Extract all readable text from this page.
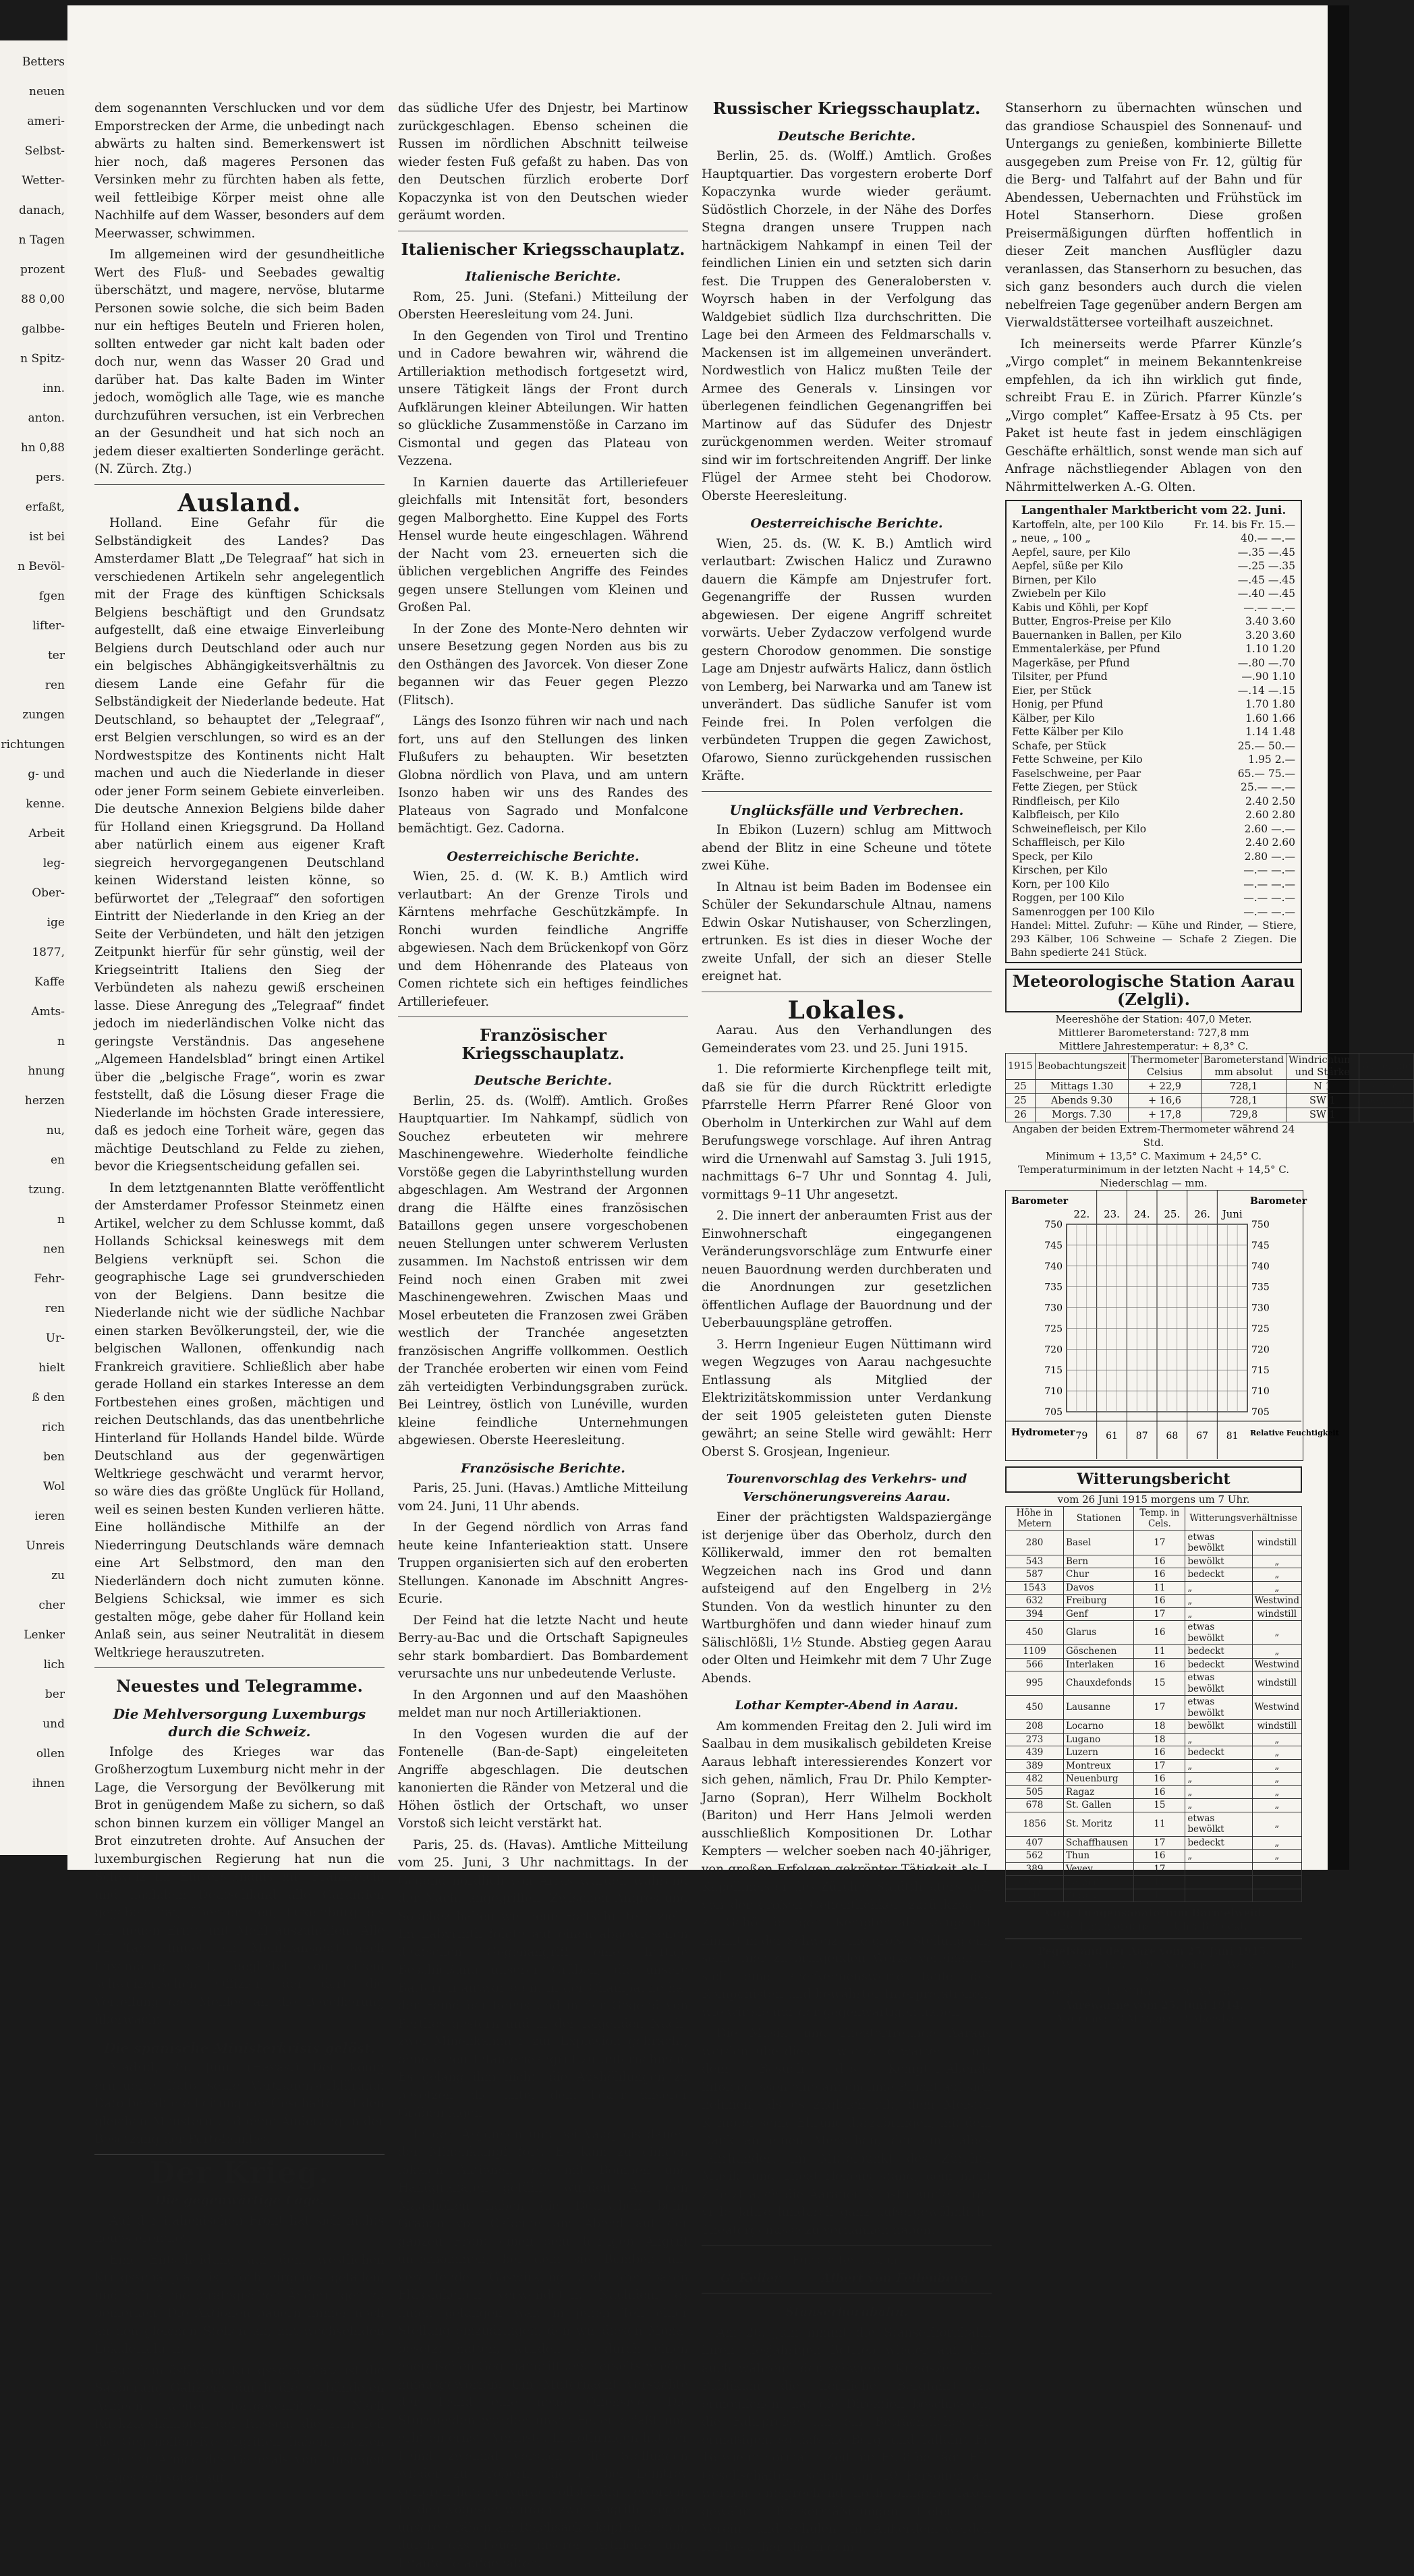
Betters
neuen
ameri-
Selbst-
Wetter-
danach,
n Tagen
prozent
88 0,00
galbbe-
n Spitz-
inn.
anton.
hn 0,88
pers.
erfaßt,
ist bei
n Bevöl-
fgen
lifter-
ter
ren
zungen
richtungen
g- und
kenne.
Arbeit
leg-
Ober-
ige
1877,
Kaffe
Amts-
n
hnung
herzen
nu,
en
tzung.
n
nen
Fehr-
ren
Ur-
hielt
ß den
rich
ben
Wol
ieren
Unreis
zu
cher
Lenker
lich
ber
und
ollen
ihnen

dem sogenannten Verschlucken und vor dem Emporstrecken der Arme, die unbedingt nach abwärts zu halten sind. Bemerkenswert ist hier noch, daß mageres Personen das Versinken mehr zu fürchten haben als fette, weil fettleibige Körper meist ohne alle Nachhilfe auf dem Wasser, besonders auf dem Meerwasser, schwimmen.

Im allgemeinen wird der gesundheitliche Wert des Fluß- und Seebades gewaltig überschätzt, und magere, nervöse, blutarme Personen sowie solche, die sich beim Baden nur ein heftiges Beuteln und Frieren holen, sollten entweder gar nicht kalt baden oder doch nur, wenn das Wasser 20 Grad und darüber hat. Das kalte Baden im Winter jedoch, womöglich alle Tage, wie es manche durchzuführen versuchen, ist ein Verbrechen an der Gesundheit und hat sich noch an jedem dieser exaltierten Sonderlinge gerächt. (N. Zürch. Ztg.)

Ausland.

Holland. Eine Gefahr für die Selbständigkeit des Landes? Das Amsterdamer Blatt „De Telegraaf“ hat sich in verschiedenen Artikeln sehr angelegentlich mit der Frage des künftigen Schicksals Belgiens beschäftigt und den Grundsatz aufgestellt, daß eine etwaige Einverleibung Belgiens durch Deutschland oder auch nur ein belgisches Abhängigkeitsverhältnis zu diesem Lande eine Gefahr für die Selbständigkeit der Niederlande bedeute. Hat Deutschland, so behauptet der „Telegraaf“, erst Belgien verschlungen, so wird es an der Nordwestspitze des Kontinents nicht Halt machen und auch die Niederlande in dieser oder jener Form seinem Gebiete einverleiben. Die deutsche Annexion Belgiens bilde daher für Holland einen Kriegsgrund. Da Holland aber natürlich einem aus eigener Kraft siegreich hervorgegangenen Deutschland keinen Widerstand leisten könne, so befürwortet der „Telegraaf“ den sofortigen Eintritt der Niederlande in den Krieg an der Seite der Verbündeten, und hält den jetzigen Zeitpunkt hierfür für sehr günstig, weil der Kriegseintritt Italiens den Sieg der Verbündeten als nahezu gewiß erscheinen lasse. Diese Anregung des „Telegraaf“ findet jedoch im niederländischen Volke nicht das geringste Verständnis. Das angesehene „Algemeen Handelsblad“ bringt einen Artikel über die „belgische Frage“, worin es zwar feststellt, daß die Lösung dieser Frage die Niederlande im höchsten Grade interessiere, daß es jedoch eine Torheit wäre, gegen das mächtige Deutschland zu Felde zu ziehen, bevor die Kriegsentscheidung gefallen sei.

In dem letztgenannten Blatte veröffentlicht der Amsterdamer Professor Steinmetz einen Artikel, welcher zu dem Schlusse kommt, daß Hollands Schicksal keineswegs mit dem Belgiens verknüpft sei. Schon die geographische Lage sei grundverschieden von der Belgiens. Dann besitze die Niederlande nicht wie der südliche Nachbar einen starken Bevölkerungsteil, der, wie die belgischen Wallonen, offenkundig nach Frankreich gravitiere. Schließlich aber habe gerade Holland ein starkes Interesse an dem Fortbestehen eines großen, mächtigen und reichen Deutschlands, das das unentbehrliche Hinterland für Hollands Handel bilde. Würde Deutschland aus der gegenwärtigen Weltkriege geschwächt und verarmt hervor, so wäre dies das größte Unglück für Holland, weil es seinen besten Kunden verlieren hätte. Eine holländische Mithilfe an der Niederringung Deutschlands wäre demnach eine Art Selbstmord, den man den Niederländern doch nicht zumuten könne. Belgiens Schicksal, wie immer es sich gestalten möge, gebe daher für Holland kein Anlaß sein, aus seiner Neutralität in diesem Weltkriege herauszutreten.

Neuestes und Telegramme.
Die Mehlversorgung Luxemburgs durch die Schweiz.

Infolge des Krieges war das Großherzogtum Luxemburg nicht mehr in der Lage, die Versorgung der Bevölkerung mit Brot in genügendem Maße zu sichern, so daß schon binnen kurzem ein völliger Mangel an Brot einzutreten drohte. Auf Ansuchen der luxemburgischen Regierung hat nun die Schweiz im Einverständnis mit Frankreich, und nachdem Deutschland alle Garantien gegeben hat, übernommen, Luxemburg bis zur neuen Ernte mit Mehl auszuhelfen. Alle 14 Tage findet ein Mehltransport nach Luxemburg statt, begleitet von einem schweizerischen Offizier, der dort die Verteilung des Mehles an die Bevölkerung überwacht.

Die spanische Ministerkrisis gelöst.

Madrid, 25. Juni. (Havas.) Der König erneuerte Dato seine Vertrauenserklärung. Dato behält die Leitung der Geschäfte mit den gleichen Ministern und ohne Änderung in der Besetzung der Portefeuilles.

Der Krieg.
Die gegenwärtige Lage.

Auf der italienischen Front hat sich nichts neues ereignet.

Eine Entscheidung auf dem westlichen Kriegsschauplatz ist noch nirgends gefallen, und sich keine strategischen Änderungen zu bemerken. Die Aktionen bauern immer noch an den gleichen Stellen an, mit wechselnden Lokalerfolgen.

Auf dem östlichen Kriegsschauplatz ist die Säuberung Galiziens durch die verbündeten Armeen weiter fortgeschritten. Nach Rückzugskämpfen der Russen, die zum Teil die Gegenoffensive ergriffen haben, setzten Teile der Armee des Generals von Linsingen vorgestern sogar auf

das südliche Ufer des Dnjestr, bei Martinow zurückgeschlagen. Ebenso scheinen die Russen im nördlichen Abschnitt teilweise wieder festen Fuß gefaßt zu haben. Das von den Deutschen fürzlich eroberte Dorf Kopaczynka ist von den Deutschen wieder geräumt worden.

Italienischer Kriegsschauplatz.
Italienische Berichte.

Rom, 25. Juni. (Stefani.) Mitteilung der Obersten Heeresleitung vom 24. Juni.

In den Gegenden von Tirol und Trentino und in Cadore bewahren wir, während die Artilleriaktion methodisch fortgesetzt wird, unsere Tätigkeit längs der Front durch Aufklärungen kleiner Abteilungen. Wir hatten so glückliche Zusammenstöße in Carzano im Cismontal und gegen das Plateau von Vezzena.

In Karnien dauerte das Artilleriefeuer gleichfalls mit Intensität fort, besonders gegen Malborghetto. Eine Kuppel des Forts Hensel wurde heute eingeschlagen. Während der Nacht vom 23. erneuerten sich die üblichen vergeblichen Angriffe des Feindes gegen unsere Stellungen vom Kleinen und Großen Pal.

In der Zone des Monte-Nero dehnten wir unsere Besetzung gegen Norden aus bis zu den Osthängen des Javorcek. Von dieser Zone begannen wir das Feuer gegen Plezzo (Flitsch).

Längs des Isonzo führen wir nach und nach fort, uns auf den Stellungen des linken Flußufers zu behaupten. Wir besetzten Globna nördlich von Plava, und am untern Isonzo haben wir uns des Randes des Plateaus von Sagrado und Monfalcone bemächtigt. Gez. Cadorna.

Oesterreichische Berichte.

Wien, 25. d. (W. K. B.) Amtlich wird verlautbart: An der Grenze Tirols und Kärntens mehrfache Geschützkämpfe. In Ronchi wurden feindliche Angriffe abgewiesen. Nach dem Brückenkopf von Görz und dem Höhenrande des Plateaus von Comen richtete sich ein heftiges feindliches Artilleriefeuer.

Französischer Kriegsschauplatz.
Deutsche Berichte.

Berlin, 25. ds. (Wolff). Amtlich. Großes Hauptquartier. Im Nahkampf, südlich von Souchez erbeuteten wir mehrere Maschinengewehre. Wiederholte feindliche Vorstöße gegen die Labyrinthstellung wurden abgeschlagen. Am Westrand der Argonnen drang die Hälfte eines französischen Bataillons gegen unsere vorgeschobenen neuen Stellungen unter schwerem Verlusten zusammen. Im Nachstoß entrissen wir dem Feind noch einen Graben mit zwei Maschinengewehren. Zwischen Maas und Mosel erbeuteten die Franzosen zwei Gräben westlich der Tranchée angesetzten französischen Angriffe vollkommen. Oestlich der Tranchée eroberten wir einen vom Feind zäh verteidigten Verbindungsgraben zurück. Bei Leintrey, östlich von Lunéville, wurden kleine feindliche Unternehmungen abgewiesen. Oberste Heeresleitung.

Französische Berichte.

Paris, 25. Juni. (Havas.) Amtliche Mitteilung vom 24. Juni, 11 Uhr abends.

In der Gegend nördlich von Arras fand heute keine Infanterieaktion statt. Unsere Truppen organisierten sich auf den eroberten Stellungen. Kanonade im Abschnitt Angres-Ecurie.

Der Feind hat die letzte Nacht und heute Berry-au-Bac und die Ortschaft Sapigneules sehr stark bombardiert. Das Bombardement verursachte uns nur unbedeutende Verluste.

In den Argonnen und auf den Maashöhen meldet man nur noch Artilleriaktionen.

In den Vogesen wurden die auf der Fontenelle (Ban-de-Sapt) eingeleiteten Angriffe abgeschlagen. Die deutschen kanonierten die Ränder von Metzeral und die Höhen östlich der Ortschaft, wo unser Vorstoß sich leicht verstärkt hat.

Paris, 25. ds. (Havas). Amtliche Mitteilung vom 25. Juni, 3 Uhr nachmittags. In der Gegend nördlich von Arras wurden während der Nacht angegriffen. Zwischen Angres und Souchez haben wir neue Fortschritte erzielt. Im Labyrinth folgte auf einen abgewiesenen deutschen Gegenangriff eine heftige Beschießung unserer Gräben, die unsere Batterien antworteten. In der Champagne hat der Feind bei Reims und in der Gegend von Perthes gestern und in der folgenden Nacht zwei Minenkämmer zur Explosion gebracht, ohne einen Infanterieangriff zu unternehmen. Es gelang ihm nicht, die Aushöhlungen zu besetzen, die unter dem Feuer unserer Gräben lagen.

In den Argonnen und bei Vauquois dauert der Minenkampf fort. Es kam zu einigen lokalen Aktionen, die mit Bomben und Handgranaten geführt wurden. Auf den Maashöhen haben die Deutschen beim Graben von Calonne am Abend auf der ganzen Front einen sehr heftigen Angriff unternommen, bei dem sie Bomben mit vergiftender Gaswirkung und brennbaren Flüssigkeiten verwendeten. Nachdem es ihnen gelungen war, in jenen Teil einer Stellung einzudringen, den wir diesen Monat besetzt hatten, wurden sie durch einen energischen Gegenangriff unsererseits wieder hinausgeworfen. Um Mitternacht versuchte der Feind eine neue Offensive. Die Stürmenden wurden unser Feuer erfaßt und erlitten ernste Verluste. In Lothringen hat der Feind zweimal versucht, die Stellungen wieder zu erobern, die er bei Leintrey verloren hat; er wurde vollständig geworfen. In den Vogesen wurden zwei Angriffe gegen unsere Gräben am Reichsackerkopf richteten, durch das Feuer unserer Artillerie und Infanterie aufgehalten.

Russischer Kriegsschauplatz.
Deutsche Berichte.

Berlin, 25. ds. (Wolff.) Amtlich. Großes Hauptquartier. Das vorgestern eroberte Dorf Kopaczynka wurde wieder geräumt. Südöstlich Chorzele, in der Nähe des Dorfes Stegna drangen unsere Truppen nach hartnäckigem Nahkampf in einen Teil der feindlichen Linien ein und setzten sich darin fest. Die Truppen des Generalobersten v. Woyrsch haben in der Verfolgung das Waldgebiet südlich Ilza durchschritten. Die Lage bei den Armeen des Feldmarschalls v. Mackensen ist im allgemeinen unverändert. Nordwestlich von Halicz mußten Teile der Armee des Generals v. Linsingen vor überlegenen feindlichen Gegenangriffen bei Martinow auf das Südufer des Dnjestr zurückgenommen werden. Weiter stromauf sind wir im fortschreitenden Angriff. Der linke Flügel der Armee steht bei Chodorow. Oberste Heeresleitung.

Oesterreichische Berichte.

Wien, 25. ds. (W. K. B.) Amtlich wird verlautbart: Zwischen Halicz und Zurawno dauern die Kämpfe am Dnjestrufer fort. Gegenangriffe der Russen wurden abgewiesen. Der eigene Angriff schreitet vorwärts. Ueber Zydaczow verfolgend wurde gestern Chorodow genommen. Die sonstige Lage am Dnjestr aufwärts Halicz, dann östlich von Lemberg, bei Narwarka und am Tanew ist unverändert. Das südliche Sanufer ist vom Feinde frei. In Polen verfolgen die verbündeten Truppen die gegen Zawichost, Ofarowo, Sienno zurückgehenden russischen Kräfte.

Unglücksfälle und Verbrechen.

In Ebikon (Luzern) schlug am Mittwoch abend der Blitz in eine Scheune und tötete zwei Kühe.

In Altnau ist beim Baden im Bodensee ein Schüler der Sekundarschule Altnau, namens Edwin Oskar Nutishauser, von Scherzlingen, ertrunken. Es ist dies in dieser Woche der zweite Unfall, der sich an dieser Stelle ereignet hat.

Lokales.

Aarau. Aus den Verhandlungen des Gemeinderates vom 23. und 25. Juni 1915.

1. Die reformierte Kirchenpflege teilt mit, daß sie für die durch Rücktritt erledigte Pfarrstelle Herrn Pfarrer René Gloor von Oberholm in Unterkirchen zur Wahl auf dem Berufungswege vorschlage. Auf ihren Antrag wird die Urnenwahl auf Samstag 3. Juli 1915, nachmittags 6–7 Uhr und Sonntag 4. Juli, vormittags 9–11 Uhr angesetzt.

2. Die innert der anberaumten Frist aus der Einwohnerschaft eingegangenen Veränderungsvorschläge zum Entwurfe einer neuen Bauordnung werden durchberaten und die Anordnungen zur gesetzlichen öffentlichen Auflage der Bauordnung und der Ueberbauungspläne getroffen.

3. Herrn Ingenieur Eugen Nüttimann wird wegen Wegzuges von Aarau nachgesuchte Entlassung als Mitglied der Elektrizitätskommission unter Verdankung der seit 1905 geleisteten guten Dienste gewährt; an seine Stelle wird gewählt: Herr Oberst S. Grosjean, Ingenieur.

Tourenvorschlag des Verkehrs- und Verschönerungsvereins Aarau.

Einer der prächtigsten Waldspaziergänge ist derjenige über das Oberholz, durch den Köllikerwald, immer den rot bemalten Wegzeichen nach ins Grod und dann aufsteigend auf den Engelberg in 2½ Stunden. Von da westlich hinunter zu den Wartburghöfen und dann wieder hinauf zum Sälischlößli, 1½ Stunde. Abstieg gegen Aarau oder Olten und Heimkehr mit dem 7 Uhr Zuge Abends.

Lothar Kempter-Abend in Aarau.

Am kommenden Freitag den 2. Juli wird im Saalbau in dem musikalisch gebildeten Kreise Aaraus lebhaft interessierendes Konzert vor sich gehen, nämlich, Frau Dr. Philo Kempter-Jarno (Sopran), Herr Wilhelm Bockholt (Bariton) und Herr Hans Jelmoli werden ausschließlich Kompositionen Dr. Lothar Kempters — welcher soeben nach 40-jähriger, von großen Erfolgen gekrönter Tätigkeit als I. Kapellmeister des Zürcher Stadttheaters sich von der großen Oeffentlichkeit zurückzog — zu Gehör bringen. Kempter als Komponist nimmt in der Schweiz eine große Stellung ein; seine hier zu bringenden Werke vereinen in sich eine anerkennenswerte Reife des Komponisten und bewährter Interpretationen, wie wir sie nur der gegenwärtigen haben.

Die Musik- und Theaterfreunde Aaraus werden überdies — wie zu erwarten — mit dem Besuch des Kempter-Abends infolgedessen eine angenehme Pflicht auf sich nehmen, als es zugleich gilt, dem Meister Kempter seine Ehrung darzubringen, mit dem Dank an einen Menschen, der ein halbes Jahrhundert im Mittelpunkt des Zürcher Musik- und Theaterlebens stand, dem nicht zuletzt auch die Aarauer Kunstfreunde durch viele Jahre hindurch ganz außergewöhnliche Theatergenüsse zu verdanken haben.

Für die Redaktion:
G. Keller.	Albert von Fellenberg.
Stanserhornbahn.

Am 26. Juni nimmt die Stanserhornbahn ihren diesjährigen Betrieb wieder auf. Um auch während der schweren Kriegszeit dem Publikum die herrliche Bergfahrt zu ermöglichen, hat die Direktion beschlossen, die Fahrpreise um ein Beträchtliches zu ermäßigen, so daß die Berg- und Talfahrt Fr. 16 wie in normaler Zeit nur Fr. 8 beträgt. Für Gesellschaften, schon von 10 Personen an, werden entsprechend noch billigere Taxen gewährt. Preisermäßigungen treten für Vereine und Schulen ein. Außerdem werden für Besucher, die in dem

Stanserhorn zu übernachten wünschen und das grandiose Schauspiel des Sonnenauf- und Untergangs zu genießen, kombinierte Billette ausgegeben zum Preise von Fr. 12, gültig für die Berg- und Talfahrt auf der Bahn und für Abendessen, Uebernachten und Frühstück im Hotel Stanserhorn. Diese großen Preisermäßigungen dürften hoffentlich in dieser Zeit manchen Ausflügler dazu veranlassen, das Stanserhorn zu besuchen, das sich ganz besonders auch durch die vielen nebelfreien Tage gegenüber andern Bergen am Vierwaldstättersee vorteilhaft auszeichnet.

Ich meinerseits werde Pfarrer Künzle’s „Virgo complet“ in meinem Bekanntenkreise empfehlen, da ich ihn wirklich gut finde, schreibt Frau E. in Zürich. Pfarrer Künzle’s „Virgo complet“ Kaffee-Ersatz à 95 Cts. per Paket ist heute fast in jedem einschlägigen Geschäfte erhältlich, sonst wende man sich auf Anfrage nächstliegender Ablagen von den Nährmittelwerken A.-G. Olten.

Langenthaler Marktbericht vom 22. Juni.
Kartoffeln, alte, per 100 Kilo	Fr. 14. bis Fr. 15.—
„ neue, „ 100 „	40.— —.—
Aepfel, saure, per Kilo	—.35 —.45
Aepfel, süße per Kilo	—.25 —.35
Birnen, per Kilo	—.45 —.45
Zwiebeln per Kilo	—.40 —.45
Kabis und Köhli, per Kopf	—.— —.—
Butter, Engros-Preise per Kilo	3.40 3.60
Bauernanken in Ballen, per Kilo	3.20 3.60
Emmentalerkäse, per Pfund	1.10 1.20
Magerkäse, per Pfund	—.80 —.70
Tilsiter, per Pfund	—.90 1.10
Eier, per Stück	—.14 —.15
Honig, per Pfund	1.70 1.80
Kälber, per Kilo	1.60 1.66
Fette Kälber per Kilo	1.14 1.48
Schafe, per Stück	25.— 50.—
Fette Schweine, per Kilo	1.95 2.—
Faselschweine, per Paar	65.— 75.—
Fette Ziegen, per Stück	25.— —.—
Rindfleisch, per Kilo	2.40 2.50
Kalbfleisch, per Kilo	2.60 2.80
Schweinefleisch, per Kilo	2.60 —.—
Schaffleisch, per Kilo	2.40 2.60
Speck, per Kilo	2.80 —.—
Kirschen, per Kilo	—.— —.—
Korn, per 100 Kilo	—.— —.—
Roggen, per 100 Kilo	—.— —.—
Samenroggen per 100 Kilo	—.— —.—
Handel: Mittel. Zufuhr: — Kühe und Rinder, — Stiere, 293 Kälber, 106 Schweine — Schafe 2 Ziegen. Die Bahn spedierte 241 Stück.
Meteorologische Station Aarau (Zelgli).
Meereshöhe der Station: 407,0 Meter.
Mittlerer Barometerstand: 727,8 mm
Mittlere Jahrestemperatur: + 8,3° C.
1915	Beobachtungszeit	Thermometer Celsius	Barometerstand mm absolut	Windrichtung und Stärke	Witterung
25	Mittags 1.30	+ 22,9	728,1	N 1	schön
25	Abends 9.30	+ 16,6	728,1	SW 1	bewölkt
26	Morgs. 7.30	+ 17,8	729,8	SW 1	
Angaben der beiden Extrem-Thermometer während 24 Std.
Minimum + 13,5° C. Maximum + 24,5° C.
Temperaturminimum in der letzten Nacht + 14,5° C.
Niederschlag — mm.
22. 23. 24. 25. 26. Juni
750	750
745	745
740	740
735	735
730	730
725	725
720	720
715	715
710	710
705	705
Barometer	Barometer
Hydrometer	Relative Feuchtigkeit
79 61 87 68 67 81
Witterungsbericht
vom 26 Juni 1915 morgens um 7 Uhr.
Höhe in Metern	Stationen	Temp. in Cels.	Witterungsverhältnisse	
280	Basel	17	etwas bewölkt	windstill
543	Bern	16	bewölkt	„
587	Chur	16	bedeckt	„
1543	Davos	11	„	„
632	Freiburg	16	„	Westwind
394	Genf	17	„	windstill
450	Glarus	16	etwas bewölkt	„
1109	Göschenen	11	bedeckt	„
566	Interlaken	16	bedeckt	Westwind
995	Chauxdefonds	15	etwas bewölkt	windstill
450	Lausanne	17	etwas bewölkt	Westwind
208	Locarno	18	bewölkt	windstill
273	Lugano	18	„	„
439	Luzern	16	bedeckt	„
389	Montreux	17	„	„
482	Neuenburg	16	„	„
505	Ragaz	16	„	„
678	St. Gallen	15	„	„
1856	St. Moritz	11	etwas bewölkt	„
407	Schaffhausen	17	bedeckt	„
562	Thun	16	„	„
389	Vevey	17	„	„
1609	Zermatt	11	„	„
410	Zürich	17	„	„
Aarg. Lungensanatorium Barmelweid.
26. Juni morgens 7½ Uhr: Bedeckt.
Pegelstand der Aare vom 25. Juni 1915.
Höchster Wasserstand: 8,91 Niedrigster Wasserstand: 5,70
Morgens: 7,15 Mittags: 7,20 Abends: 7,18
Aarewärme vom 25. Juni 1914.
Morgens: 18 Mittags: 19 Abends: 19
